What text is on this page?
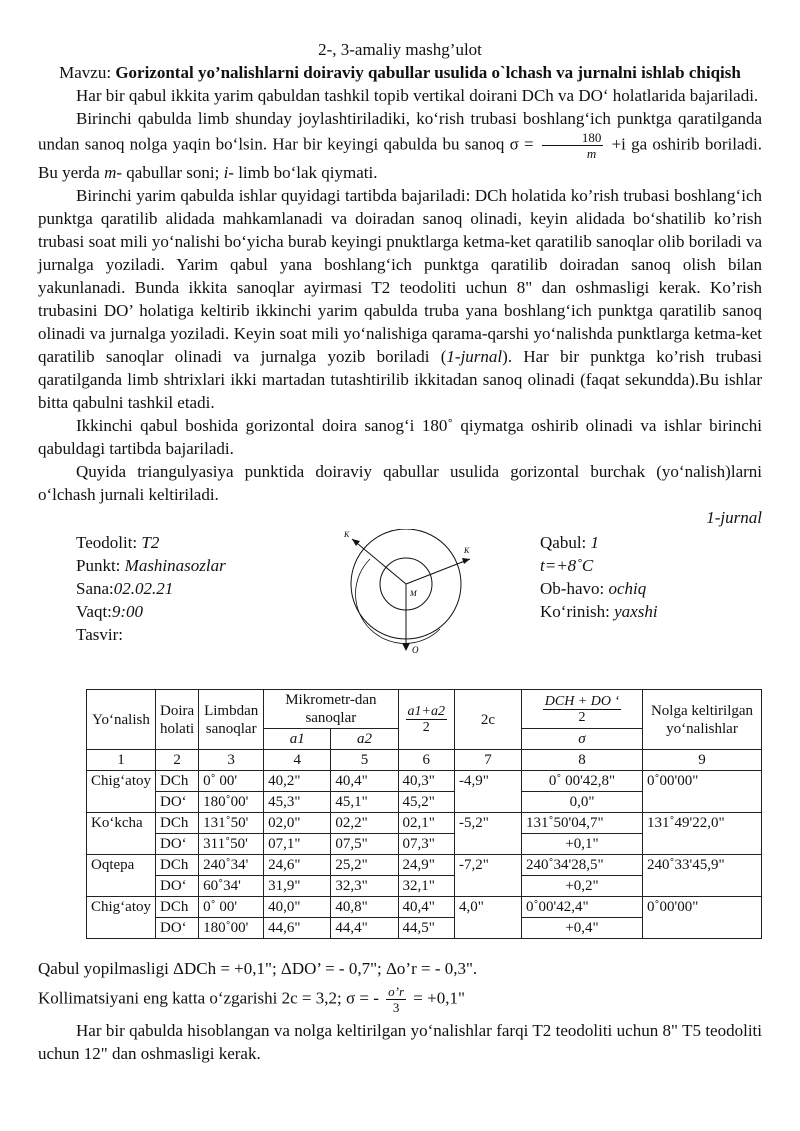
2-, 3-amaliy mashg’ulot
Mavzu: Gorizontal yo’nalishlarni doiraviy qabullar usulida o`lchash va jurnalni ishlab chiqish

Har bir qabul ikkita yarim qabuldan tashkil topib vertikal doirani DCh va DO‘ holatlarida bajariladi.

Birinchi qabulda limb shunday joylashtiriladiki, ko‘rish trubasi boshlang‘ich punktga qaratilganda undan sanoq nolga yaqin bo‘lsin. Har bir keyingi qabulda bu sanoq $\sigma = \frac{180}{m} +i$ ga oshirib boriladi. Bu yerda m- qabullar soni; i- limb bo‘lak qiymati.

Birinchi yarim qabulda ishlar quyidagi tartibda bajariladi: DCh holatida ko’rish trubasi boshlang‘ich punktga qaratilib alidada mahkamlanadi va doiradan sanoq olinadi, keyin alidada bo‘shatilib ko’rish trubasi soat mili yo‘nalishi bo‘yicha burab keyingi pnuktlarga ketma-ket qaratilib sanoqlar olib boriladi va jurnalga yoziladi. Yarim qabul yana boshlang‘ich punktga qaratilib doiradan sanoq olish bilan yakunlanadi. Bunda ikkita sanoqlar ayirmasi T2 teodoliti uchun 8" dan oshmasligi kerak. Ko’rish trubasini DO’ holatiga keltirib ikkinchi yarim qabulda truba yana boshlang‘ich punktga qaratilib sanoq olinadi va jurnalga yoziladi. Keyin soat mili yo‘nalishiga qarama-qarshi yo‘nalishda punktlarga ketma-ket qaratilib sanoqlar olinadi va jurnalga yozib boriladi (1-jurnal). Har bir punktga ko’rish trubasi qaratilganda limb shtrixlari ikki martadan tutashtirilib ikkitadan sanoq olinadi (faqat sekundda).Bu ishlar bitta qabulni tashkil etadi.

Ikkinchi qabul boshida gorizontal doira sanog‘i 180˚ qiymatga oshirib olinadi va ishlar birinchi qabuldagi tartibda bajariladi.

Quyida triangulyasiya punktida doiraviy qabullar usulida gorizontal burchak (yo‘nalish)larni o‘lchash jurnali keltiriladi.

1-jurnal
Teodolit: T2
Punkt: Mashinasozlar
Sana:02.02.21
Vaqt:9:00
Tasvir:
M
K
K
O
Qabul: 1
t=+8˚C
Ob-havo: ochiq
Ko‘rinish: yaxshi
Yo‘nalish	Doira holati	Limbdan sanoqlar	Mikrometr-dan sanoqlar		$\frac{a1+a2}{2}$	2c	$\frac{\text{DCH + DO ‘}}{2}$	Nolga keltirilgan yo‘nalishlar
			a1	a2			σ	
1	2	3	4	5	6	7	8	9
Chig‘atoy	DCh	0˚ 00'	40,2"	40,4"	40,3"	-4,9"	0˚ 00'42,8"	0˚00'00"
	DO‘	180˚00'	45,3"	45,1"	45,2"		0,0"	
Ko‘kcha	DCh	131˚50'	02,0"	02,2"	02,1"	-5,2"	131˚50'04,7"	131˚49'22,0"
	DO‘	311˚50'	07,1"	07,5"	07,3"		+0,1"	
Oqtepa	DCh	240˚34'	24,6"	25,2"	24,9"	-7,2"	240˚34'28,5"	240˚33'45,9"
	DO‘	60˚34'	31,9"	32,3"	32,1"		+0,2"	
Chig‘atoy	DCh	0˚ 00'	40,0"	40,8"	40,4"	4,0"	0˚00'42,4"	0˚00'00"
	DO‘	180˚00'	44,6"	44,4"	44,5"		+0,4"	

Qabul yopilmasligi ΔDCh = +0,1"; ΔDO’ = - 0,7"; Δo’r = - 0,3".

Kollimatsiyani eng katta o‘zgarishi 2c = 3,2; σ = - $\frac{o’r}{3} = +0,1$"

Har bir qabulda hisoblangan va nolga keltirilgan yo‘nalishlar farqi T2 teodoliti uchun 8" T5 teodoliti uchun 12" dan oshmasligi kerak.
